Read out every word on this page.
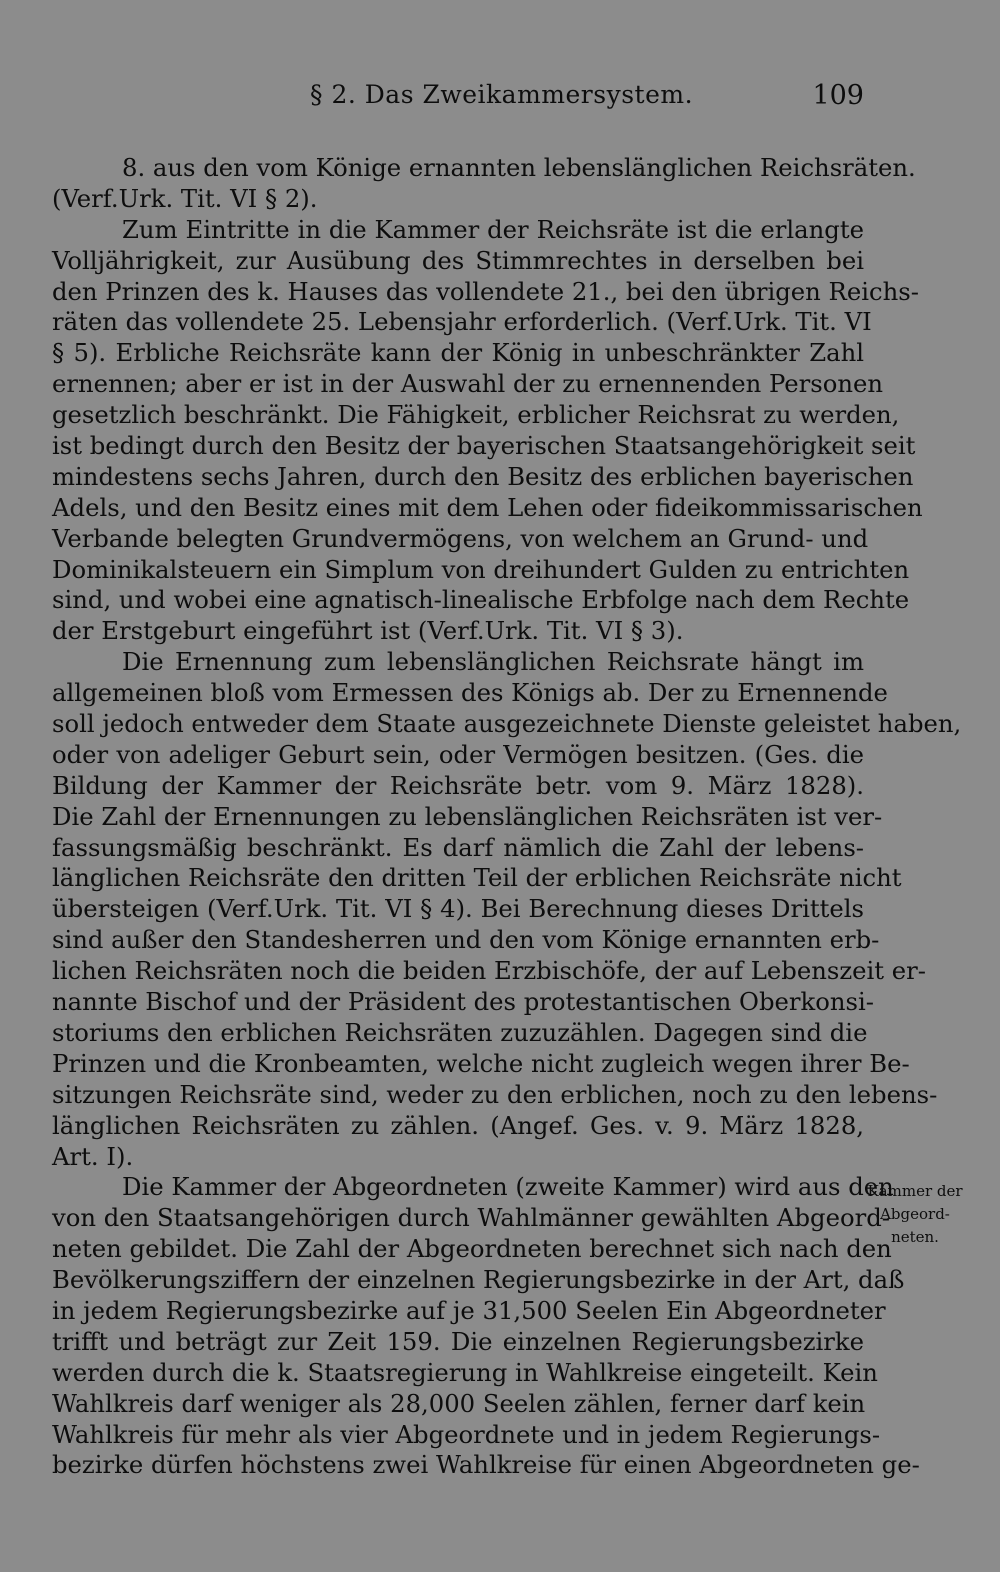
§ 2. Das Zweikammersystem.	109
8. aus den vom Könige ernannten lebenslänglichen Reichsräten.
(Verf.Urk. Tit. VI § 2).
Zum Eintritte in die Kammer der Reichsräte ist die erlangte
Volljährigkeit, zur Ausübung des Stimmrechtes in derselben bei
den Prinzen des k. Hauses das vollendete 21., bei den übrigen Reichs-
räten das vollendete 25. Lebensjahr erforderlich. (Verf.Urk. Tit. VI
§ 5). Erbliche Reichsräte kann der König in unbeschränkter Zahl
ernennen; aber er ist in der Auswahl der zu ernennenden Personen
gesetzlich beschränkt. Die Fähigkeit, erblicher Reichsrat zu werden,
ist bedingt durch den Besitz der bayerischen Staatsangehörigkeit seit
mindestens sechs Jahren, durch den Besitz des erblichen bayerischen
Adels, und den Besitz eines mit dem Lehen oder fideikommissarischen
Verbande belegten Grundvermögens, von welchem an Grund- und
Dominikalsteuern ein Simplum von dreihundert Gulden zu entrichten
sind, und wobei eine agnatisch-linealische Erbfolge nach dem Rechte
der Erstgeburt eingeführt ist (Verf.Urk. Tit. VI § 3).
Die Ernennung zum lebenslänglichen Reichsrate hängt im
allgemeinen bloß vom Ermessen des Königs ab. Der zu Ernennende
soll jedoch entweder dem Staate ausgezeichnete Dienste geleistet haben,
oder von adeliger Geburt sein, oder Vermögen besitzen. (Ges. die
Bildung der Kammer der Reichsräte betr. vom 9. März 1828).
Die Zahl der Ernennungen zu lebenslänglichen Reichsräten ist ver-
fassungsmäßig beschränkt. Es darf nämlich die Zahl der lebens-
länglichen Reichsräte den dritten Teil der erblichen Reichsräte nicht
übersteigen (Verf.Urk. Tit. VI § 4). Bei Berechnung dieses Drittels
sind außer den Standesherren und den vom Könige ernannten erb-
lichen Reichsräten noch die beiden Erzbischöfe, der auf Lebenszeit er-
nannte Bischof und der Präsident des protestantischen Oberkonsi-
storiums den erblichen Reichsräten zuzuzählen. Dagegen sind die
Prinzen und die Kronbeamten, welche nicht zugleich wegen ihrer Be-
sitzungen Reichsräte sind, weder zu den erblichen, noch zu den lebens-
länglichen Reichsräten zu zählen. (Angef. Ges. v. 9. März 1828,
Art. I).
Die Kammer der Abgeordneten (zweite Kammer) wird aus den
von den Staatsangehörigen durch Wahlmänner gewählten Abgeord-
neten gebildet. Die Zahl der Abgeordneten berechnet sich nach den
Bevölkerungsziffern der einzelnen Regierungsbezirke in der Art, daß
in jedem Regierungsbezirke auf je 31,500 Seelen Ein Abgeordneter
trifft und beträgt zur Zeit 159. Die einzelnen Regierungsbezirke
werden durch die k. Staatsregierung in Wahlkreise eingeteilt. Kein
Wahlkreis darf weniger als 28,000 Seelen zählen, ferner darf kein
Wahlkreis für mehr als vier Abgeordnete und in jedem Regierungs-
bezirke dürfen höchstens zwei Wahlkreise für einen Abgeordneten ge-
Kammer der
Abgeord-
neten.
